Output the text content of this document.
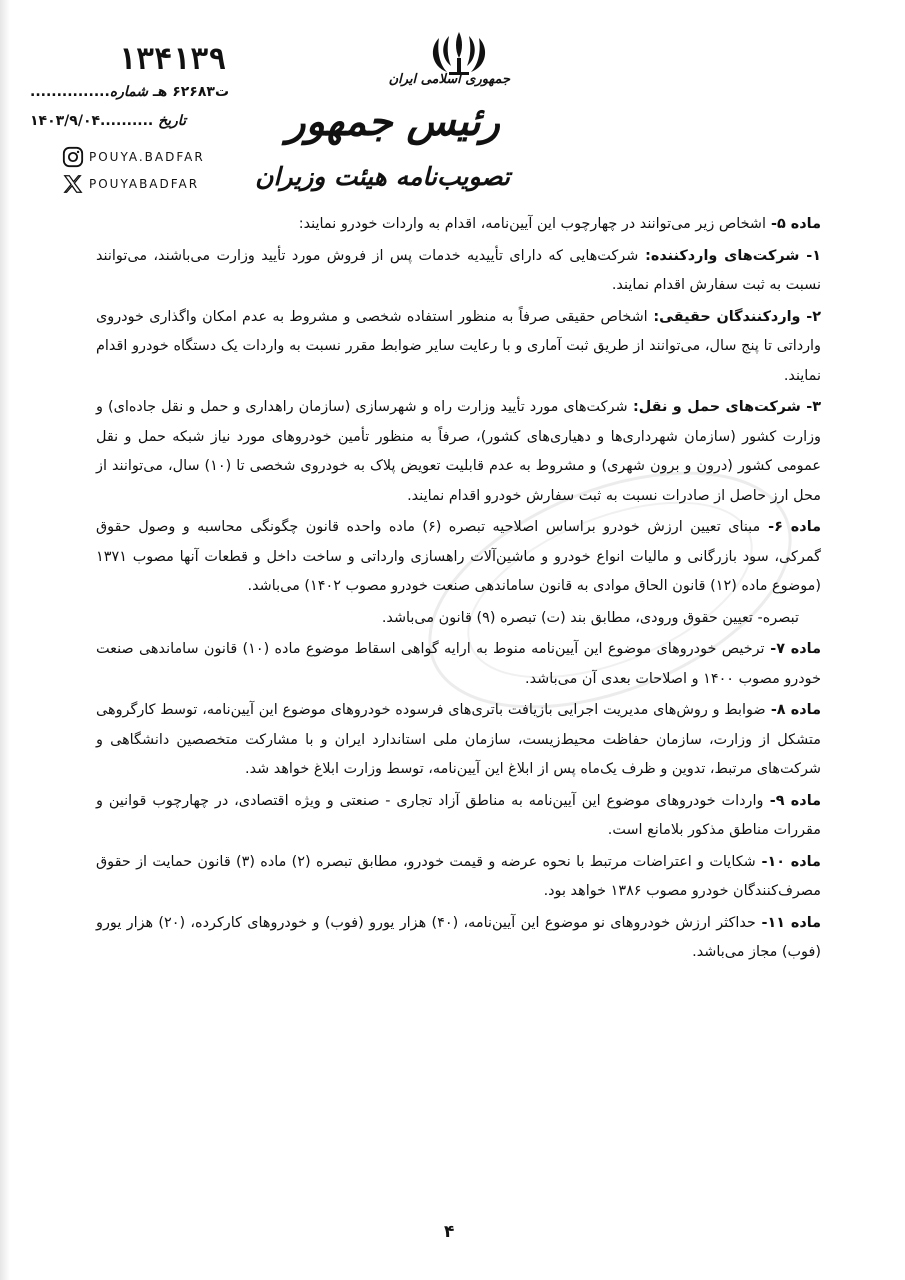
جمهوری اسلامی ایران
رئیس جمهور
تصویب‌نامه هیئت وزیران
۱۳۴۱۳۹
...............ت۶۲۶۸۳ هـ شماره
۱۴۰۳/۹/۰۴.......... تاریخ
POUYA.BADFAR
POUYABADFAR

ماده ۵- اشخاص زیر می‌توانند در چهارچوب این آیین‌نامه، اقدام به واردات خودرو نمایند:

۱- شرکت‌های واردکننده: شرکت‌هایی که دارای تأییدیه خدمات پس از فروش مورد تأیید وزارت می‌باشند، می‌توانند نسبت به ثبت سفارش اقدام نمایند.

۲- واردکنندگان حقیقی: اشخاص حقیقی صرفاً به منظور استفاده شخصی و مشروط به عدم امکان واگذاری خودروی وارداتی تا پنج سال، می‌توانند از طریق ثبت آماری و با رعایت سایر ضوابط مقرر نسبت به واردات یک دستگاه خودرو اقدام نمایند.

۳- شرکت‌های حمل و نقل: شرکت‌های مورد تأیید وزارت راه و شهرسازی (سازمان راهداری و حمل و نقل جاده‌ای) و وزارت کشور (سازمان شهرداری‌ها و دهیاری‌های کشور)، صرفاً به منظور تأمین خودروهای مورد نیاز شبکه حمل و نقل عمومی کشور (درون و برون شهری) و مشروط به عدم قابلیت تعویض پلاک به خودروی شخصی تا (۱۰) سال، می‌توانند از محل ارز حاصل از صادرات نسبت به ثبت سفارش خودرو اقدام نمایند.

ماده ۶- مبنای تعیین ارزش خودرو براساس اصلاحیه تبصره (۶) ماده واحده قانون چگونگی محاسبه و وصول حقوق گمرکی، سود بازرگانی و مالیات انواع خودرو و ماشین‌آلات راهسازی وارداتی و ساخت داخل و قطعات آنها مصوب ۱۳۷۱ (موضوع ماده (۱۲) قانون الحاق موادی به قانون ساماندهی صنعت خودرو مصوب ۱۴۰۲) می‌باشد.

تبصره- تعیین حقوق ورودی، مطابق بند (ت) تبصره (۹) قانون می‌باشد.

ماده ۷- ترخیص خودروهای موضوع این آیین‌نامه منوط به ارایه گواهی اسقاط موضوع ماده (۱۰) قانون ساماندهی صنعت خودرو مصوب ۱۴۰۰ و اصلاحات بعدی آن می‌باشد.

ماده ۸- ضوابط و روش‌های مدیریت اجرایی بازیافت باتری‌های فرسوده خودروهای موضوع این آیین‌نامه، توسط کارگروهی متشکل از وزارت، سازمان حفاظت محیط‌زیست، سازمان ملی استاندارد ایران و با مشارکت متخصصین دانشگاهی و شرکت‌های مرتبط، تدوین و ظرف یک‌ماه پس از ابلاغ این آیین‌نامه، توسط وزارت ابلاغ خواهد شد.

ماده ۹- واردات خودروهای موضوع این آیین‌نامه به مناطق آزاد تجاری - صنعتی و ویژه اقتصادی، در چهارچوب قوانین و مقررات مناطق مذکور بلامانع است.

ماده ۱۰- شکایات و اعتراضات مرتبط با نحوه عرضه و قیمت خودرو، مطابق تبصره (۲) ماده (۳) قانون حمایت از حقوق مصرف‌کنندگان خودرو مصوب ۱۳۸۶ خواهد بود.

ماده ۱۱- حداکثر ارزش خودروهای نو موضوع این آیین‌نامه، (۴۰) هزار یورو (فوب) و خودروهای کارکرده، (۲۰) هزار یورو (فوب) مجاز می‌باشد.

۴
